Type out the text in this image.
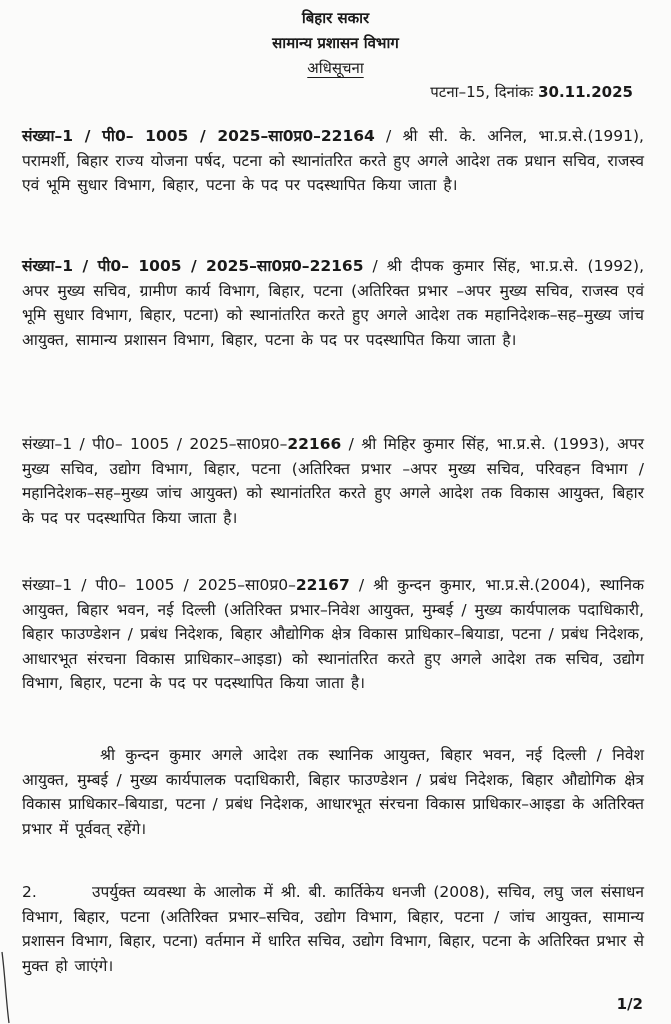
बिहार सकार
सामान्य प्रशासन विभाग
अधिसूचना
पटना–15, दिनांकः 30.11.2025
संख्या–1 / पी0– 1005 / 2025–सा0प्र0–22164 / श्री सी. के. अनिल, भा.प्र.से.(1991), परामर्शी, बिहार राज्य योजना पर्षद, पटना को स्थानांतरित करते हुए अगले आदेश तक प्रधान सचिव, राजस्व एवं भूमि सुधार विभाग, बिहार, पटना के पद पर पदस्थापित किया जाता है।
संख्या–1 / पी0– 1005 / 2025–सा0प्र0–22165 / श्री दीपक कुमार सिंह, भा.प्र.से. (1992), अपर मुख्य सचिव, ग्रामीण कार्य विभाग, बिहार, पटना (अतिरिक्त प्रभार –अपर मुख्य सचिव, राजस्व एवं भूमि सुधार विभाग, बिहार, पटना) को स्थानांतरित करते हुए अगले आदेश तक महानिदेशक–सह–मुख्य जांच आयुक्त, सामान्य प्रशासन विभाग, बिहार, पटना के पद पर पदस्थापित किया जाता है।
संख्या–1 / पी0– 1005 / 2025–सा0प्र0–22166 / श्री मिहिर कुमार सिंह, भा.प्र.से. (1993), अपर मुख्य सचिव, उद्योग विभाग, बिहार, पटना (अतिरिक्त प्रभार –अपर मुख्य सचिव, परिवहन विभाग / महानिदेशक–सह–मुख्य जांच आयुक्त) को स्थानांतरित करते हुए अगले आदेश तक विकास आयुक्त, बिहार के पद पर पदस्थापित किया जाता है।
संख्या–1 / पी0– 1005 / 2025–सा0प्र0–22167 / श्री कुन्दन कुमार, भा.प्र.से.(2004), स्थानिक आयुक्त, बिहार भवन, नई दिल्ली (अतिरिक्त प्रभार–निवेश आयुक्त, मुम्बई / मुख्य कार्यपालक पदाधिकारी, बिहार फाउण्डेशन / प्रबंध निदेशक, बिहार औद्योगिक क्षेत्र विकास प्राधिकार–बियाडा, पटना / प्रबंध निदेशक, आधारभूत संरचना विकास प्राधिकार–आइडा) को स्थानांतरित करते हुए अगले आदेश तक सचिव, उद्योग विभाग, बिहार, पटना के पद पर पदस्थापित किया जाता है।
श्री कुन्दन कुमार अगले आदेश तक स्थानिक आयुक्त, बिहार भवन, नई दिल्ली / निवेश आयुक्त, मुम्बई / मुख्य कार्यपालक पदाधिकारी, बिहार फाउण्डेशन / प्रबंध निदेशक, बिहार औद्योगिक क्षेत्र विकास प्राधिकार–बियाडा, पटना / प्रबंध निदेशक, आधारभूत संरचना विकास प्राधिकार–आइडा के अतिरिक्त प्रभार में पूर्ववत् रहेंगे।
2.	उपर्युक्त व्यवस्था के आलोक में श्री. बी. कार्तिकेय धनजी (2008), सचिव, लघु जल संसाधन विभाग, बिहार, पटना (अतिरिक्त प्रभार–सचिव, उद्योग विभाग, बिहार, पटना / जांच आयुक्त, सामान्य प्रशासन विभाग, बिहार, पटना) वर्तमान में धारित सचिव, उद्योग विभाग, बिहार, पटना के अतिरिक्त प्रभार से मुक्त हो जाएंगे।
1/2
